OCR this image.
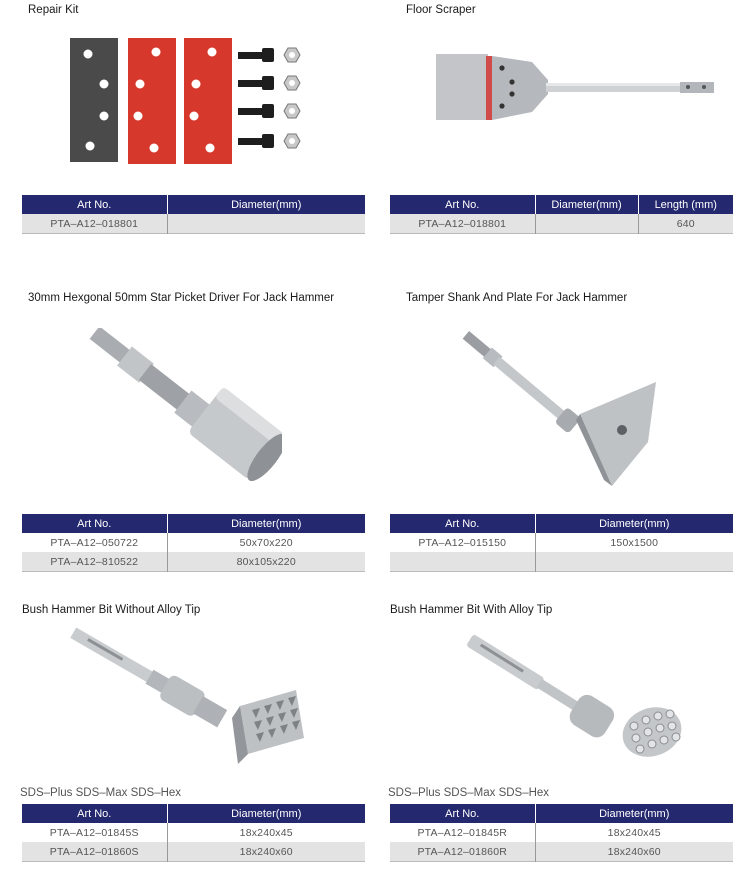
Repair Kit
Art No.	Diameter(mm)
PTA–A12–018801	
Floor Scraper
Art No.	Diameter(mm)	Length (mm)
PTA–A12–018801		640
30mm Hexgonal 50mm Star Picket Driver For Jack Hammer
Art No.	Diameter(mm)
PTA–A12–050722	50x70x220
PTA–A12–810522	80x105x220
Tamper Shank And Plate For Jack Hammer
Art No.	Diameter(mm)
PTA–A12–015150	150x1500

Bush Hammer Bit Without Alloy Tip
SDS–Plus SDS–Max SDS–Hex
Art No.	Diameter(mm)
PTA–A12–01845S	18x240x45
PTA–A12–01860S	18x240x60
Bush Hammer Bit With Alloy Tip
SDS–Plus SDS–Max SDS–Hex
Art No.	Diameter(mm)
PTA–A12–01845R	18x240x45
PTA–A12–01860R	18x240x60
